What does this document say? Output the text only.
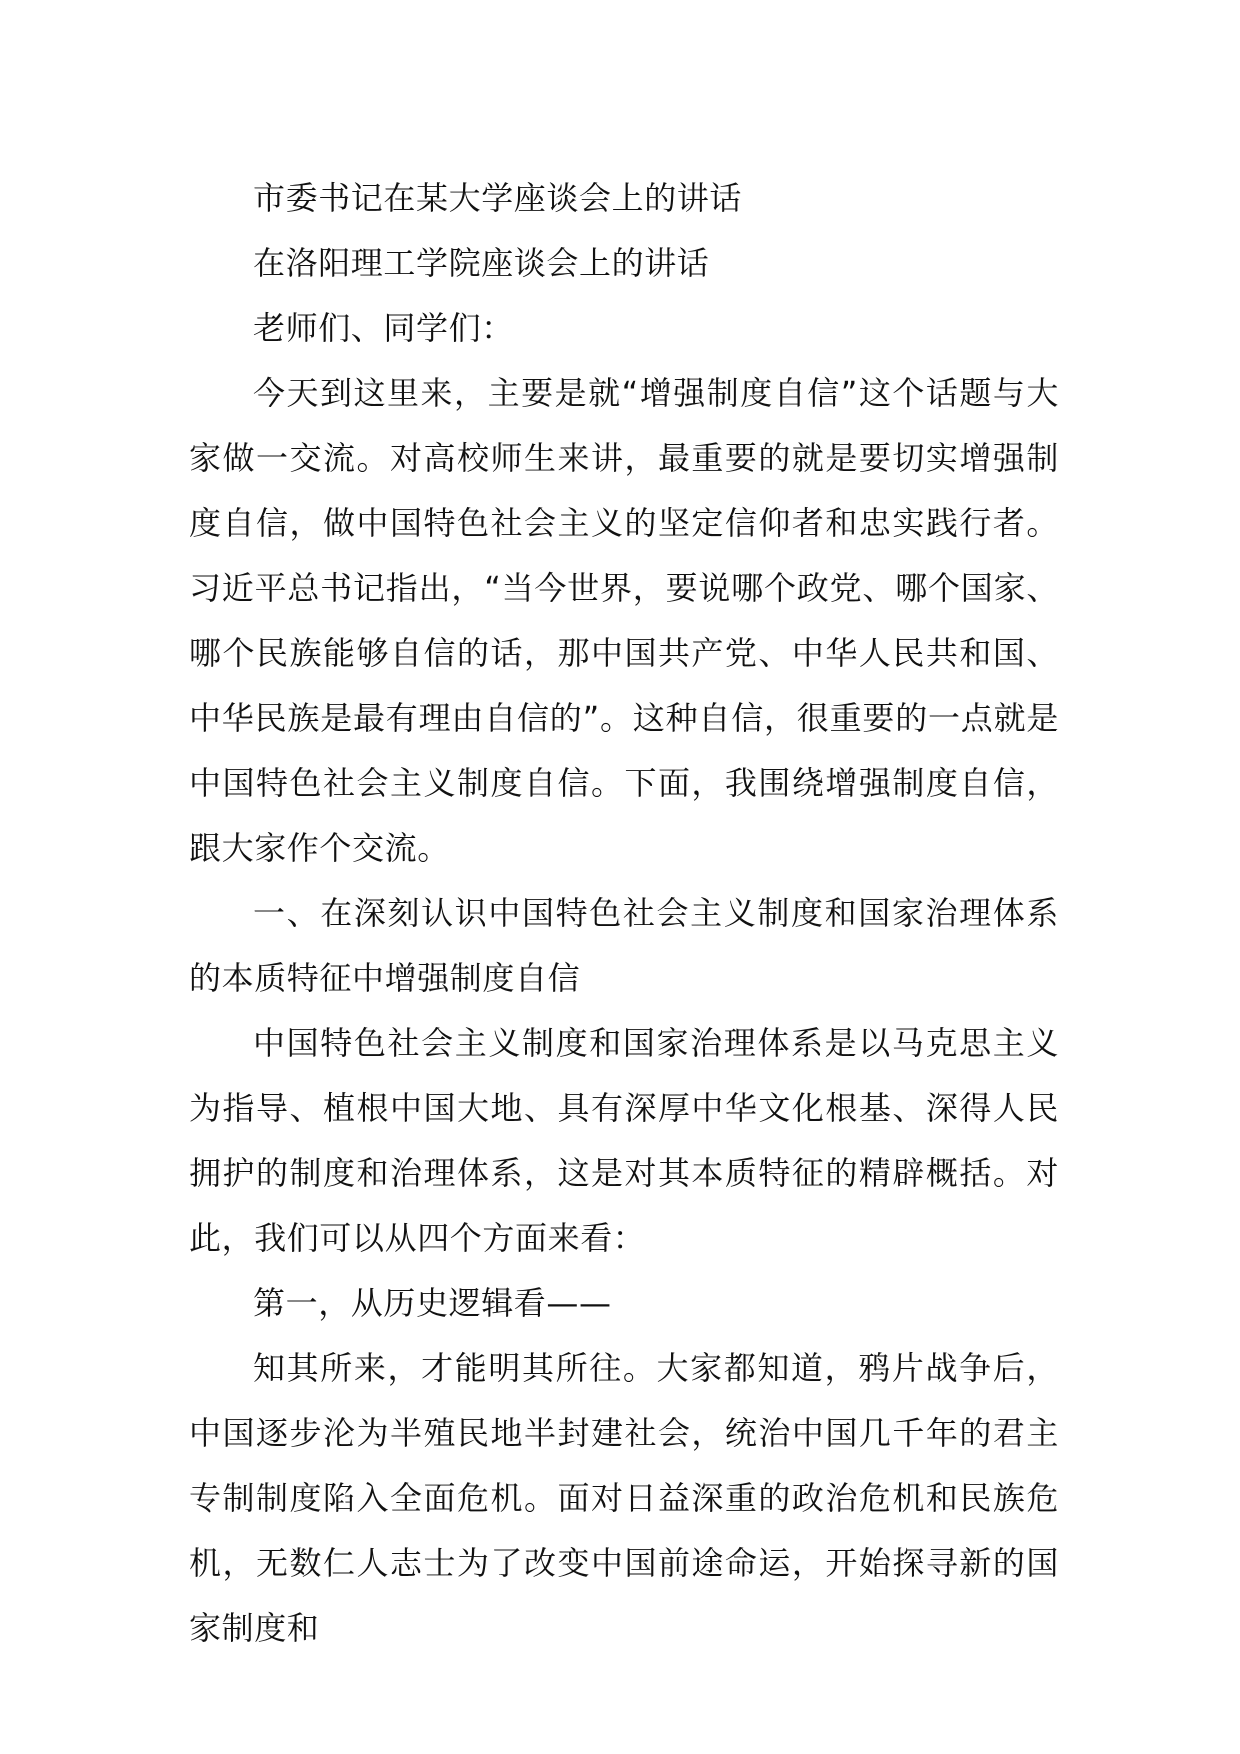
市委书记在某大学座谈会上的讲话

在洛阳理工学院座谈会上的讲话

老师们、同学们：

今天到这里来，主要是就“增强制度自信”这个话题与大家做一交流。对高校师生来讲，最重要的就是要切实增强制度自信，做中国特色社会主义的坚定信仰者和忠实践行者。习近平总书记指出，“当今世界，要说哪个政党、哪个国家、哪个民族能够自信的话，那中国共产党、中华人民共和国、中华民族是最有理由自信的”。这种自信，很重要的一点就是中国特色社会主义制度自信。下面，我围绕增强制度自信，跟大家作个交流。

一、在深刻认识中国特色社会主义制度和国家治理体系的本质特征中增强制度自信

中国特色社会主义制度和国家治理体系是以马克思主义为指导、植根中国大地、具有深厚中华文化根基、深得人民拥护的制度和治理体系，这是对其本质特征的精辟概括。对此，我们可以从四个方面来看：

第一，从历史逻辑看——

知其所来，才能明其所往。大家都知道，鸦片战争后，中国逐步沦为半殖民地半封建社会，统治中国几千年的君主专制制度陷入全面危机。面对日益深重的政治危机和民族危机，无数仁人志士为了改变中国前途命运，开始探寻新的国家制度和
